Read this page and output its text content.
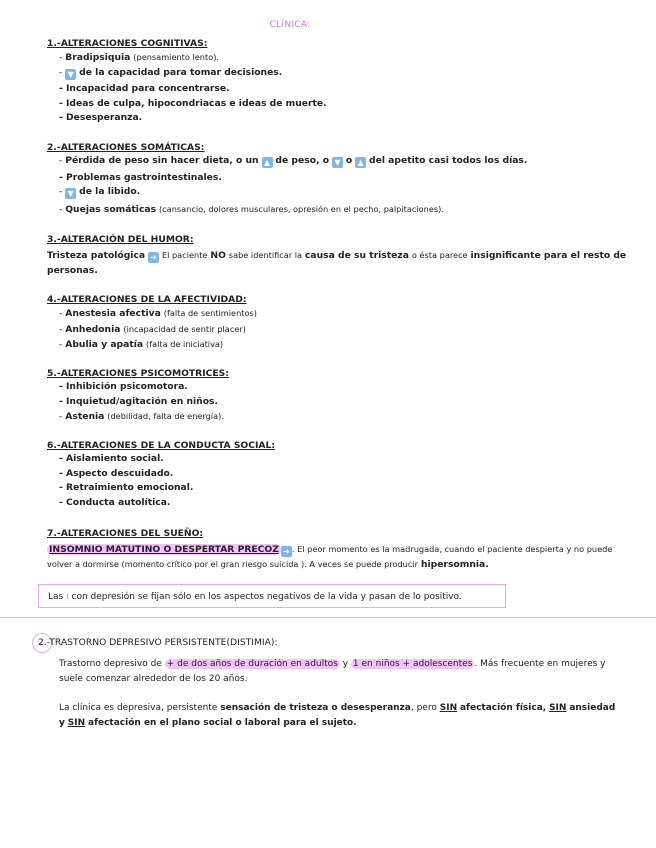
CLÍNICA:
1.-ALTERACIONES COGNITIVAS:
- Bradipsiquia (pensamiento lento).
- ▼ de la capacidad para tomar decisiones.
- Incapacidad para concentrarse.
- Ideas de culpa, hipocondriacas e ideas de muerte.
- Desesperanza.
2.-ALTERACIONES SOMÁTICAS:
- Pérdida de peso sin hacer dieta, o un ▲ de peso, o ▼ o ▲ del apetito casi todos los días.
- Problemas gastrointestinales.
- ▼ de la libido.
- Quejas somáticas (cansancio, dolores musculares, opresión en el pecho, palpitaciones).
3.-ALTERACIÓN DEL HUMOR:

Tristeza patológica ➜ El paciente NO sabe identificar la causa de su tristeza o ésta parece insignificante para el resto de personas.

4.-ALTERACIONES DE LA AFECTIVIDAD:
- Anestesia afectiva (falta de sentimientos)
- Anhedonia (incapacidad de sentir placer)
- Abulia y apatía (falta de iniciativa)
5.-ALTERACIONES PSICOMOTRICES:
- Inhibición psicomotora.
- Inquietud/agitación en niños.
- Astenia (debilidad, falta de energía).
6.-ALTERACIONES DE LA CONDUCTA SOCIAL:
- Aislamiento social.
- Aspecto descuidado.
- Retraimiento emocional.
- Conducta autolítica.
7.-ALTERACIONES DEL SUEÑO:

INSOMNIO MATUTINO O DESPERTAR PRECOZ ➜ . El peor momento es la madrugada, cuando el paciente despierta y no puede volver a dormirse (momento crítico por el gran riesgo suicida ). A veces se puede producir hipersomnia.

Las ⁞ con depresión se fijan sólo en los aspectos negativos de la vida y pasan de lo positivo.
2.-TRASTORNO DEPRESIVO PERSISTENTE(DISTIMIA):
Trastorno depresivo de + de dos años de duración en adultos y 1 en niños + adolescentes . Más frecuente en mujeres y suele comenzar alrededor de los 20 años.
La clínica es depresiva, persistente sensación de tristeza o desesperanza, pero SIN afectación física, SIN ansiedad y SIN afectación en el plano social o laboral para el sujeto.
